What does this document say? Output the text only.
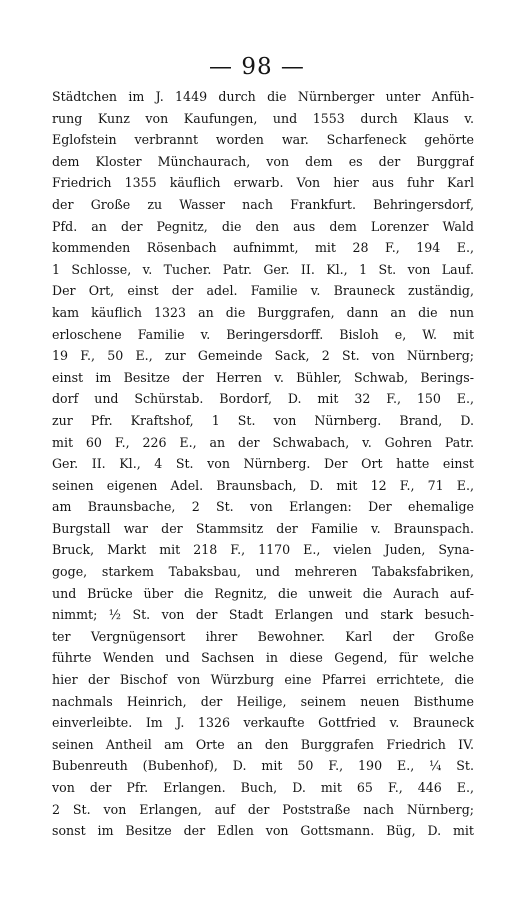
— 98 —
Städtchen im J. 1449 durch die Nürnberger unter Anfüh-
rung Kunz von Kaufungen, und 1553 durch Klaus v.
Eglofstein verbrannt worden war. Scharfeneck gehörte
dem Kloster Münchaurach, von dem es der Burggraf
Friedrich 1355 käuflich erwarb. Von hier aus fuhr Karl
der Große zu Wasser nach Frankfurt. Behringersdorf,
Pfd. an der Pegnitz, die den aus dem Lorenzer Wald
kommenden Rösenbach aufnimmt, mit 28 F., 194 E.,
1 Schlosse, v. Tucher. Patr. Ger. II. Kl., 1 St. von Lauf.
Der Ort, einst der adel. Familie v. Brauneck zuständig,
kam käuflich 1323 an die Burggrafen, dann an die nun
erloschene Familie v. Beringersdorff. Bisloh e, W. mit
19 F., 50 E., zur Gemeinde Sack, 2 St. von Nürnberg;
einst im Besitze der Herren v. Bühler, Schwab, Berings-
dorf und Schürstab. Bordorf, D. mit 32 F., 150 E.,
zur Pfr. Kraftshof, 1 St. von Nürnberg. Brand, D.
mit 60 F., 226 E., an der Schwabach, v. Gohren Patr.
Ger. II. Kl., 4 St. von Nürnberg. Der Ort hatte einst
seinen eigenen Adel. Braunsbach, D. mit 12 F., 71 E.,
am Braunsbache, 2 St. von Erlangen: Der ehemalige
Burgstall war der Stammsitz der Familie v. Braunspach.
Bruck, Markt mit 218 F., 1170 E., vielen Juden, Syna-
goge, starkem Tabaksbau, und mehreren Tabaksfabriken,
und Brücke über die Regnitz, die unweit die Aurach auf-
nimmt; ½ St. von der Stadt Erlangen und stark besuch-
ter Vergnügensort ihrer Bewohner. Karl der Große
führte Wenden und Sachsen in diese Gegend, für welche
hier der Bischof von Würzburg eine Pfarrei errichtete, die
nachmals Heinrich, der Heilige, seinem neuen Bisthume
einverleibte. Im J. 1326 verkaufte Gottfried v. Brauneck
seinen Antheil am Orte an den Burggrafen Friedrich IV.
Bubenreuth (Bubenhof), D. mit 50 F., 190 E., ¼ St.
von der Pfr. Erlangen. Buch, D. mit 65 F., 446 E.,
2 St. von Erlangen, auf der Poststraße nach Nürnberg;
sonst im Besitze der Edlen von Gottsmann. Büg, D. mit
